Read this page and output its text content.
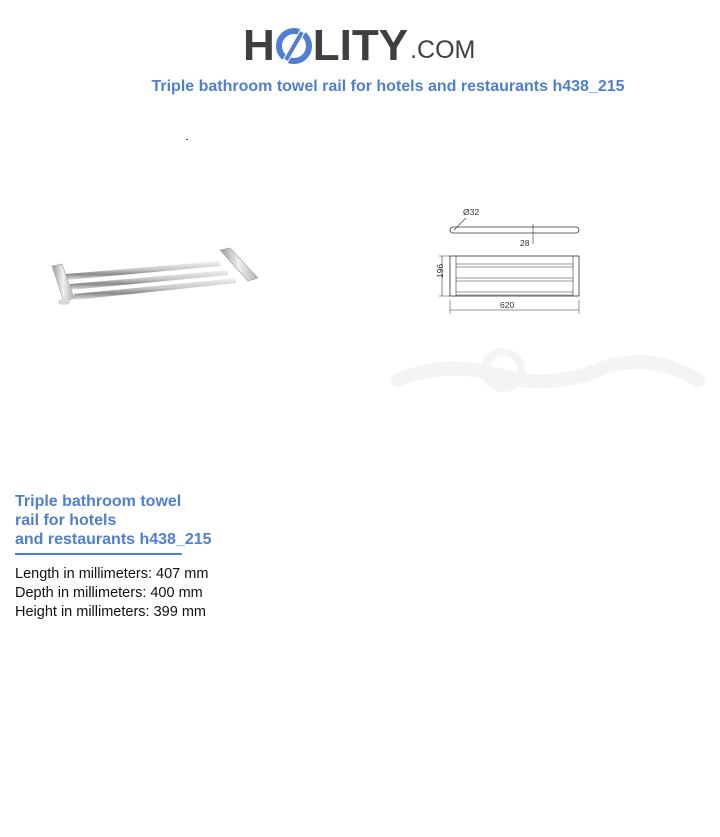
H LITY .COM
Triple bathroom towel rail for hotels and restaurants h438_215
Ø32
28
196
620
Triple bathroom towel
rail for hotels
and restaurants h438_215
Length in millimeters: 407 mm
Depth in millimeters: 400 mm
Height in millimeters: 399 mm
